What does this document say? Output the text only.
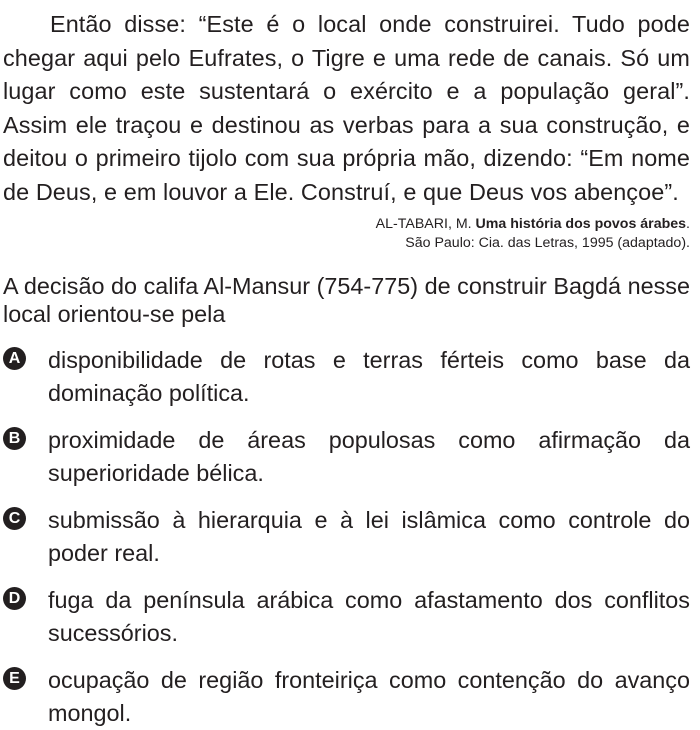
Então disse: “Este é o local onde construirei. Tudo pode chegar aqui pelo Eufrates, o Tigre e uma rede de canais. Só um lugar como este sustentará o exército e a população geral”. Assim ele traçou e destinou as verbas para a sua construção, e deitou o primeiro tijolo com sua própria mão, dizendo: “Em nome de Deus, e em louvor a Ele. Construí, e que Deus vos abençoe”.

AL-TABARI, M. Uma história dos povos árabes.
São Paulo: Cia. das Letras, 1995 (adaptado).

A decisão do califa Al-Mansur (754-775) de construir Bagdá nesse local orientou-se pela

A disponibilidade de rotas e terras férteis como base da dominação política.
B proximidade de áreas populosas como afirmação da superioridade bélica.
C submissão à hierarquia e à lei islâmica como controle do poder real.
D fuga da península arábica como afastamento dos conflitos sucessórios.
E ocupação de região fronteiriça como contenção do avanço mongol.
